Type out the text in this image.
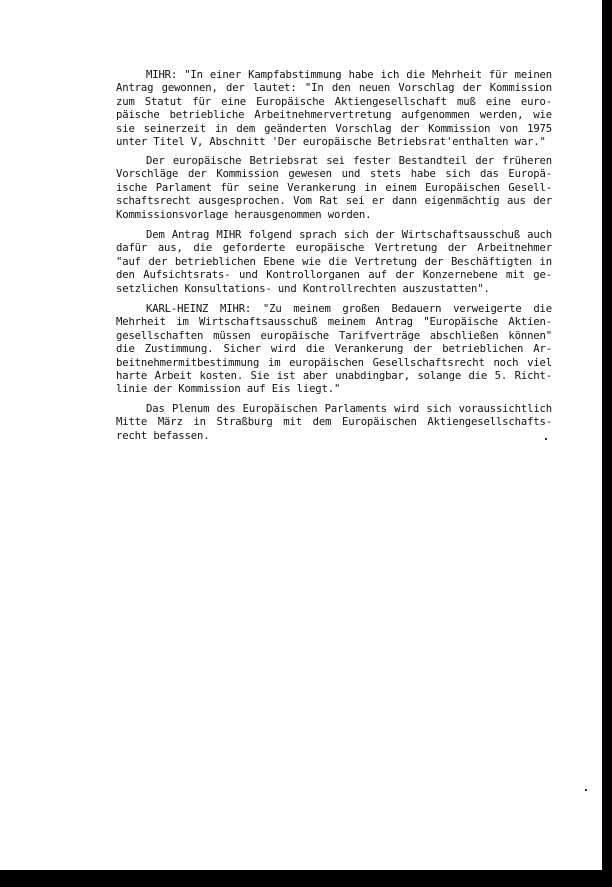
MIHR: "In einer Kampfabstimmung habe ich die Mehrheit für meinen
Antrag gewonnen, der lautet: "In den neuen Vorschlag der Kommission
zum Statut für eine Europäische Aktiengesellschaft muß eine euro-
päische betriebliche Arbeitnehmervertretung aufgenommen werden, wie
sie seinerzeit in dem geänderten Vorschlag der Kommission von 1975
unter Titel V, Abschnitt 'Der europäische Betriebsrat'enthalten war."
Der europäische Betriebsrat sei fester Bestandteil der früheren
Vorschläge der Kommission gewesen und stets habe sich das Europä-
ische Parlament für seine Verankerung in einem Europäischen Gesell-
schaftsrecht ausgesprochen. Vom Rat sei er dann eigenmächtig aus der
Kommissionsvorlage herausgenommen worden.
Dem Antrag MIHR folgend sprach sich der Wirtschaftsausschuß auch
dafür aus, die geforderte europäische Vertretung der Arbeitnehmer
"auf der betrieblichen Ebene wie die Vertretung der Beschäftigten in
den Aufsichtsrats- und Kontrollorganen auf der Konzernebene mit ge-
setzlichen Konsultations- und Kontrollrechten auszustatten".
KARL-HEINZ MIHR: "Zu meinem großen Bedauern verweigerte die
Mehrheit im Wirtschaftsausschuß meinem Antrag "Europäische Aktien-
gesellschaften müssen europäische Tarifverträge abschließen können"
die Zustimmung. Sicher wird die Verankerung der betrieblichen Ar-
beitnehmermitbestimmung im europäischen Gesellschaftsrecht noch viel
harte Arbeit kosten. Sie ist aber unabdingbar, solange die 5. Richt-
linie der Kommission auf Eis liegt."
Das Plenum des Europäischen Parlaments wird sich voraussichtlich
Mitte März in Straßburg mit dem Europäischen Aktiengesellschafts-
recht befassen.
